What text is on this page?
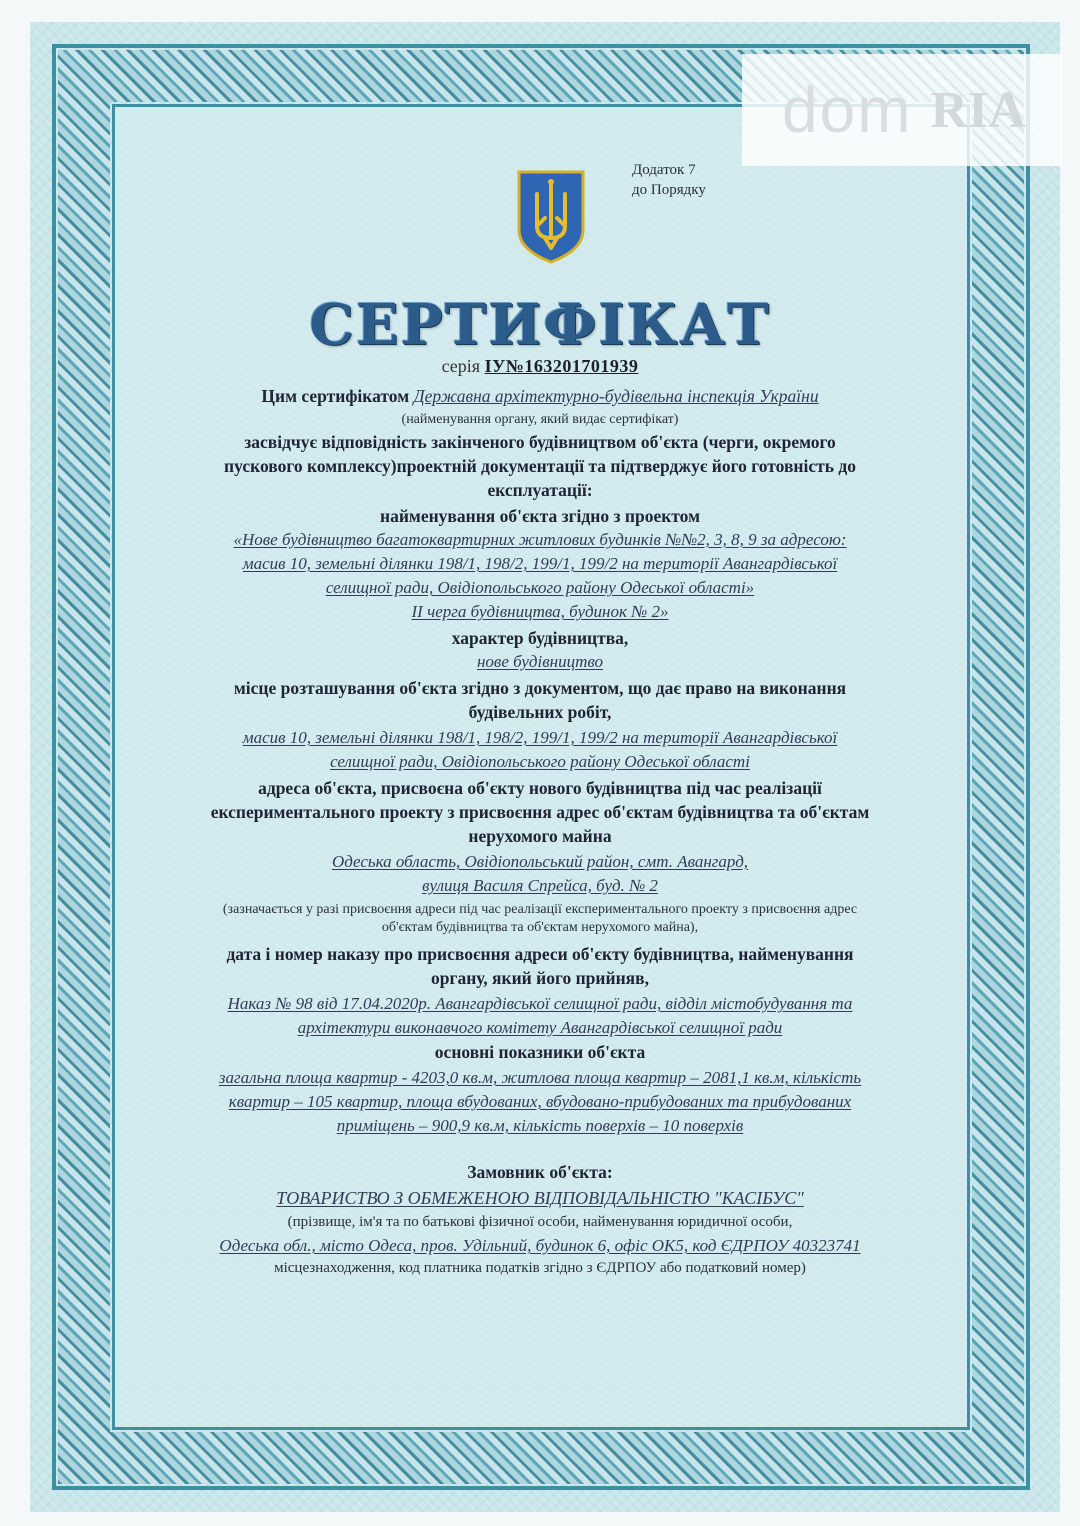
dom RIA
Додаток 7
до Порядку
СЕРТИФІКАТ
серія ІУ№163201701939
Цим сертифікатом Державна архітектурно-будівельна інспекція України
(найменування органу, який видає сертифікат)
засвідчує відповідність закінченого будівництвом об'єкта (черги, окремого
пускового комплексу)проектній документації та підтверджує його готовність до
експлуатації:
найменування об'єкта згідно з проектом
«Нове будівництво багатоквартирних житлових будинків №№2, 3, 8, 9 за адресою:
масив 10, земельні ділянки 198/1, 198/2, 199/1, 199/2 на території Авангардівської
селищної ради, Овідіопольського району Одеської області»
ІІ черга будівництва, будинок № 2»
характер будівництва,
нове будівництво
місце розташування об'єкта згідно з документом, що дає право на виконання
будівельних робіт,
масив 10, земельні ділянки 198/1, 198/2, 199/1, 199/2 на території Авангардівської
селищної ради, Овідіопольського району Одеської області
адреса об'єкта, присвоєна об'єкту нового будівництва під час реалізації
експериментального проекту з присвоєння адрес об'єктам будівництва та об'єктам
нерухомого майна
Одеська область, Овідіопольський район, смт. Авангард,
вулиця Василя Спрейса, буд. № 2
(зазначається у разі присвоєння адреси під час реалізації експериментального проекту з присвоєння адрес
об'єктам будівництва та об'єктам нерухомого майна),
дата і номер наказу про присвоєння адреси об'єкту будівництва, найменування
органу, який його прийняв,
Наказ № 98 від 17.04.2020р. Авангардівської селищної ради, відділ містобудування та
архітектури виконавчого комітету Авангардівської селищної ради
основні показники об'єкта
загальна площа квартир - 4203,0 кв.м, житлова площа квартир – 2081,1 кв.м, кількість
квартир – 105 квартир, площа вбудованих, вбудовано-прибудованих та прибудованих
приміщень – 900,9 кв.м, кількість поверхів – 10 поверхів
Замовник об'єкта:
ТОВАРИСТВО З ОБМЕЖЕНОЮ ВІДПОВІДАЛЬНІСТЮ "КАСІБУС"
(прізвище, ім'я та по батькові фізичної особи, найменування юридичної особи,
Одеська обл., місто Одеса, пров. Удільний, будинок 6, офіс ОК5, код ЄДРПОУ 40323741
місцезнаходження, код платника податків згідно з ЄДРПОУ або податковий номер)
